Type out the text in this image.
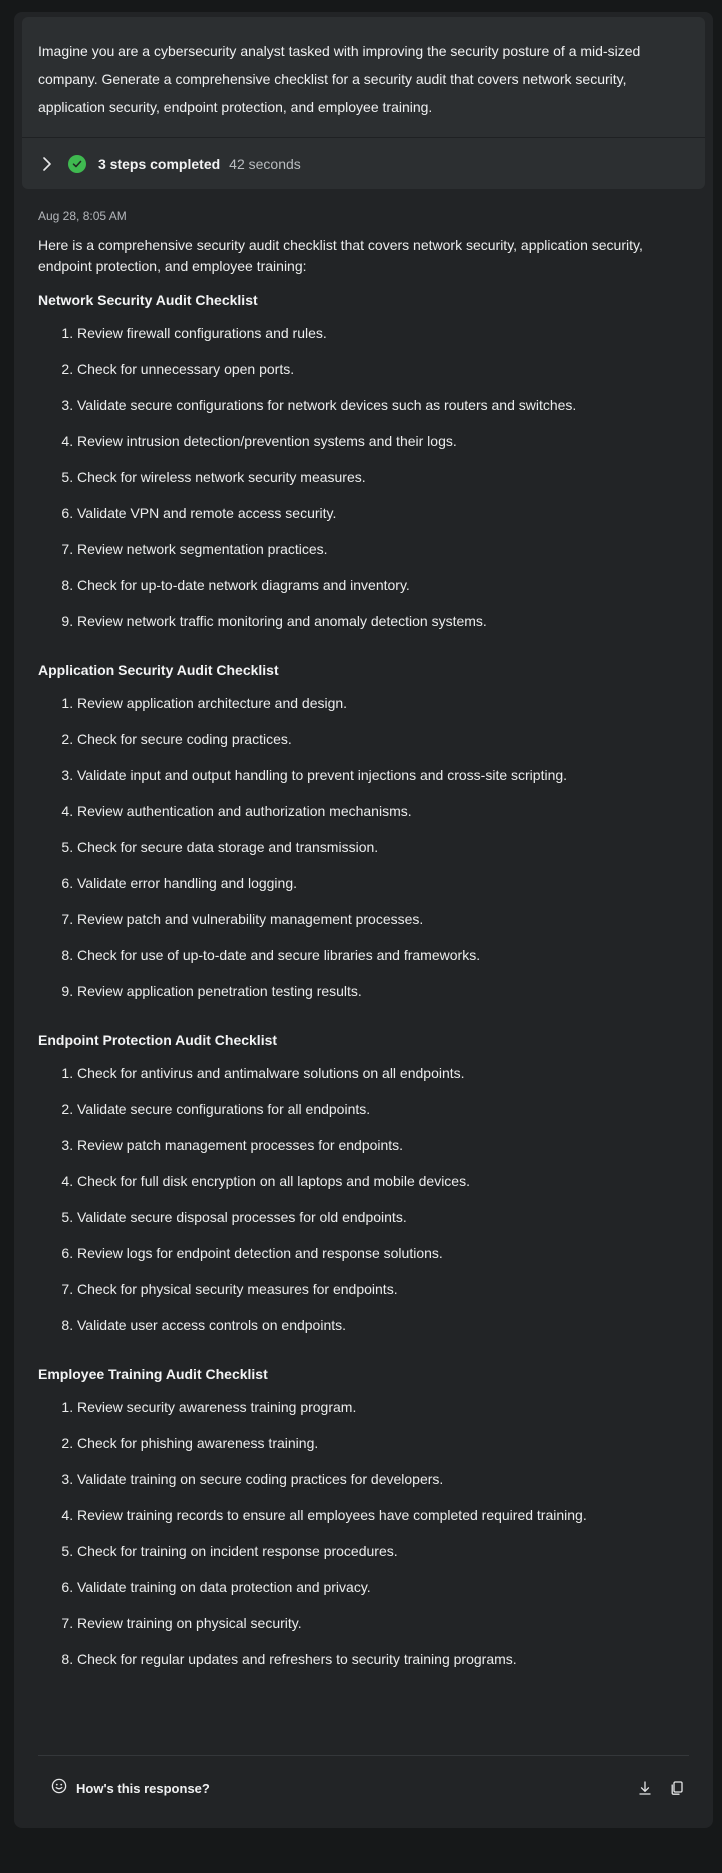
Imagine you are a cybersecurity analyst tasked with improving the security posture of a mid-sized company. Generate a comprehensive checklist for a security audit that covers network security, application security, endpoint protection, and employee training.
3 steps completed 42 seconds
Aug 28, 8:05 AM

Here is a comprehensive security audit checklist that covers network security, application security, endpoint protection, and employee training:

Network Security Audit Checklist
1. Review firewall configurations and rules.
2. Check for unnecessary open ports.
3. Validate secure configurations for network devices such as routers and switches.
4. Review intrusion detection/prevention systems and their logs.
5. Check for wireless network security measures.
6. Validate VPN and remote access security.
7. Review network segmentation practices.
8. Check for up-to-date network diagrams and inventory.
9. Review network traffic monitoring and anomaly detection systems.
Application Security Audit Checklist
1. Review application architecture and design.
2. Check for secure coding practices.
3. Validate input and output handling to prevent injections and cross-site scripting.
4. Review authentication and authorization mechanisms.
5. Check for secure data storage and transmission.
6. Validate error handling and logging.
7. Review patch and vulnerability management processes.
8. Check for use of up-to-date and secure libraries and frameworks.
9. Review application penetration testing results.
Endpoint Protection Audit Checklist
1. Check for antivirus and antimalware solutions on all endpoints.
2. Validate secure configurations for all endpoints.
3. Review patch management processes for endpoints.
4. Check for full disk encryption on all laptops and mobile devices.
5. Validate secure disposal processes for old endpoints.
6. Review logs for endpoint detection and response solutions.
7. Check for physical security measures for endpoints.
8. Validate user access controls on endpoints.
Employee Training Audit Checklist
1. Review security awareness training program.
2. Check for phishing awareness training.
3. Validate training on secure coding practices for developers.
4. Review training records to ensure all employees have completed required training.
5. Check for training on incident response procedures.
6. Validate training on data protection and privacy.
7. Review training on physical security.
8. Check for regular updates and refreshers to security training programs.
How's this response?
